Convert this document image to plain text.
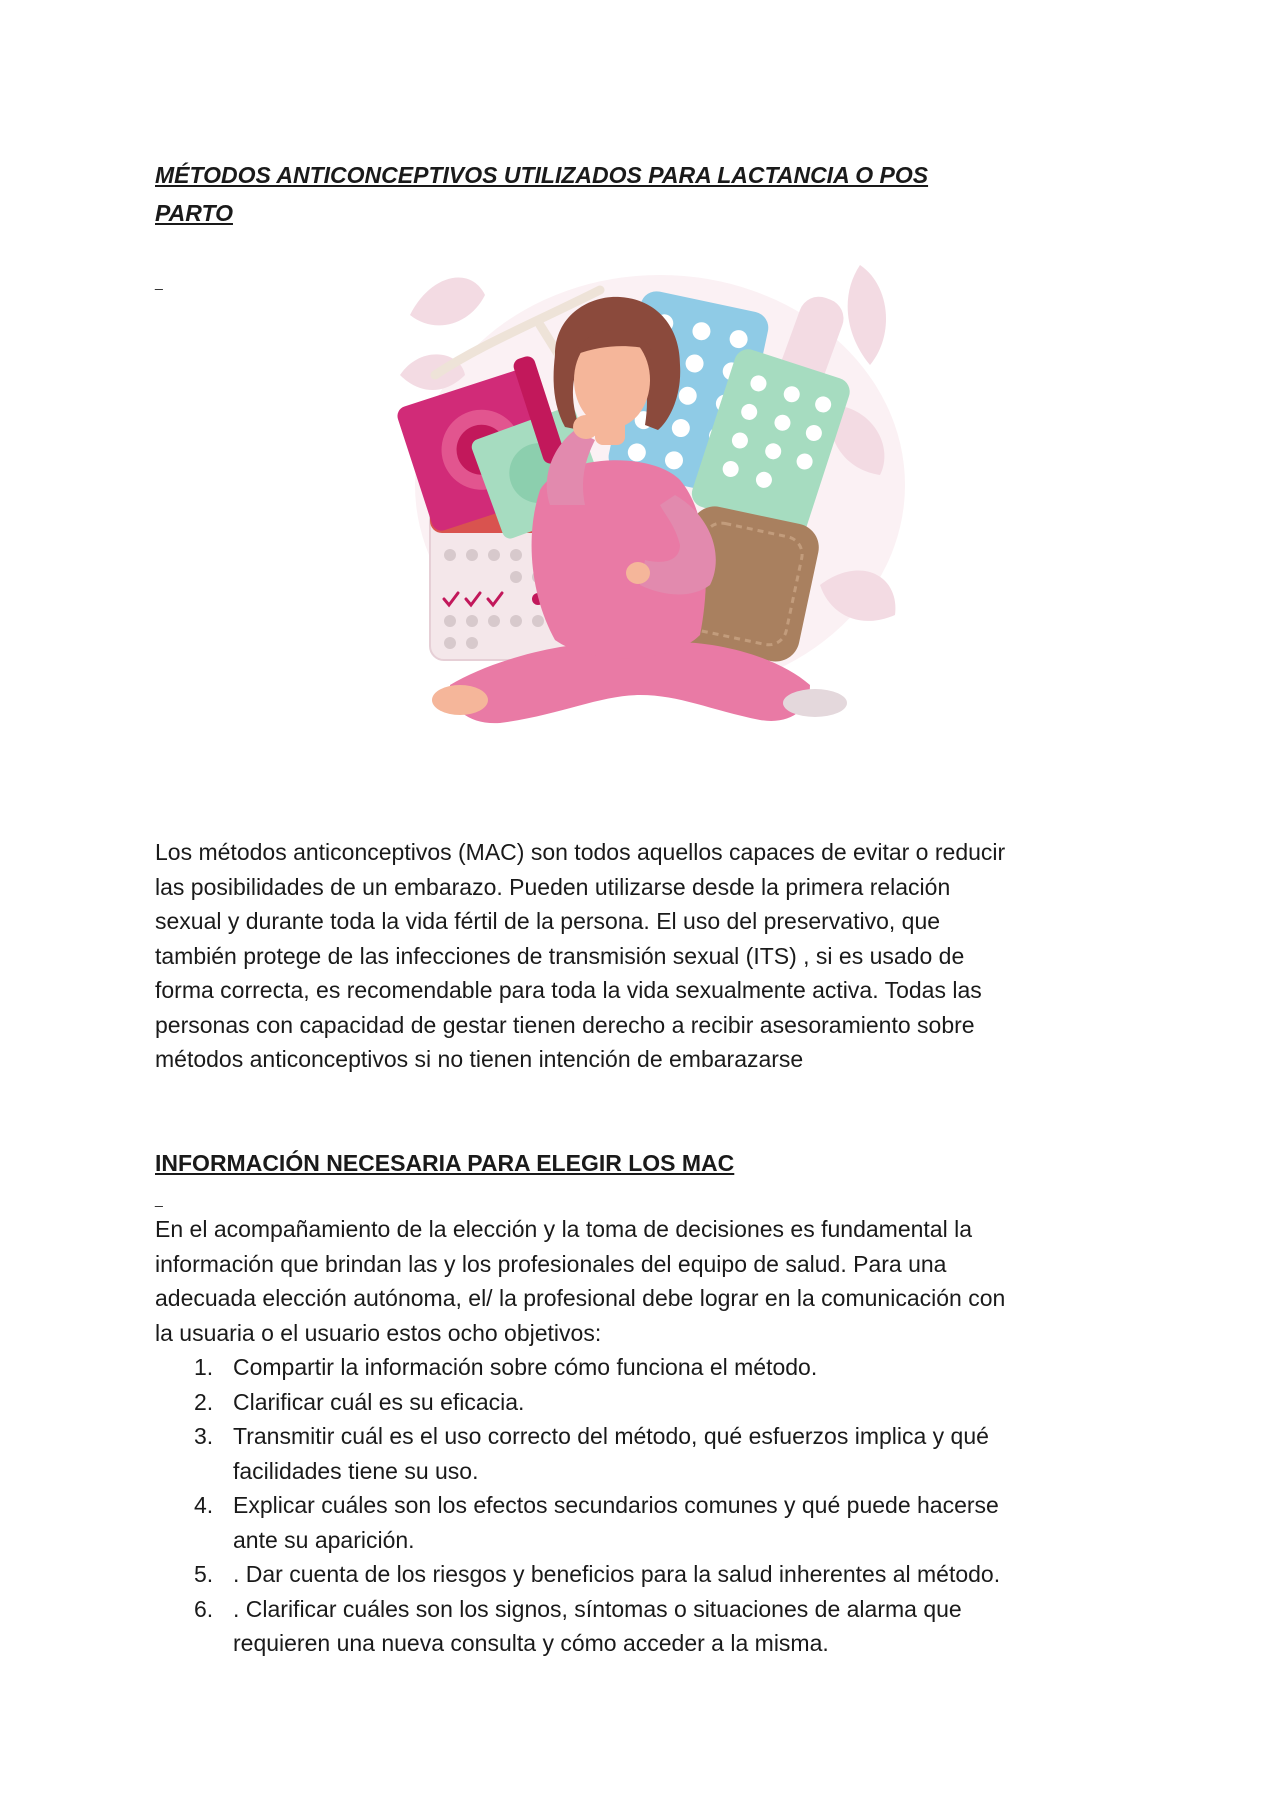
MÉTODOS ANTICONCEPTIVOS UTILIZADOS PARA LACTANCIA O POS
PARTO
_
Los métodos anticonceptivos (MAC) son todos aquellos capaces de evitar o reducir
las posibilidades de un embarazo. Pueden utilizarse desde la primera relación
sexual y durante toda la vida fértil de la persona. El uso del preservativo, que
también protege de las infecciones de transmisión sexual (ITS) , si es usado de
forma correcta, es recomendable para toda la vida sexualmente activa. Todas las
personas con capacidad de gestar tienen derecho a recibir asesoramiento sobre
métodos anticonceptivos si no tienen intención de embarazarse
INFORMACIÓN NECESARIA PARA ELEGIR LOS MAC
_
En el acompañamiento de la elección y la toma de decisiones es fundamental la
información que brindan las y los profesionales del equipo de salud. Para una
adecuada elección autónoma, el/ la profesional debe lograr en la comunicación con
la usuaria o el usuario estos ocho objetivos:
1. Compartir la información sobre cómo funciona el método.
2. Clarificar cuál es su eficacia.
3. Transmitir cuál es el uso correcto del método, qué esfuerzos implica y qué
facilidades tiene su uso.
4. Explicar cuáles son los efectos secundarios comunes y qué puede hacerse
ante su aparición.
5. . Dar cuenta de los riesgos y beneficios para la salud inherentes al método.
6. . Clarificar cuáles son los signos, síntomas o situaciones de alarma que
requieren una nueva consulta y cómo acceder a la misma.
